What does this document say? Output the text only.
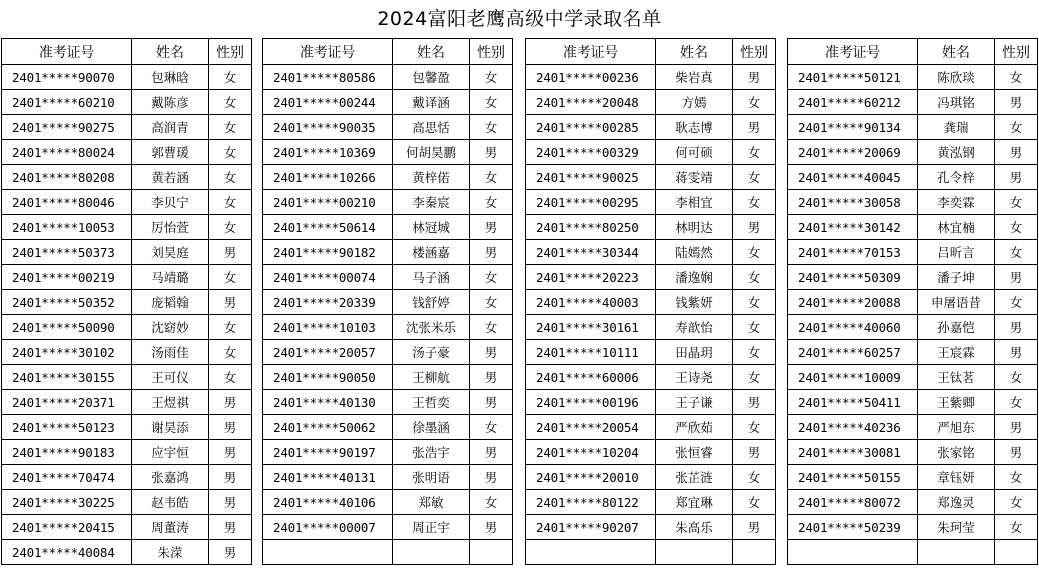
2024富阳老鹰高级中学录取名单
准考证号	姓名	性别
2401*****90070	包琳晗	女
2401*****60210	戴陈彦	女
2401*****90275	高润青	女
2401*****80024	郭曹瑗	女
2401*****80208	黄若涵	女
2401*****80046	李贝宁	女
2401*****10053	厉怡萱	女
2401*****50373	刘昊庭	男
2401*****00219	马靖璐	女
2401*****50352	庞韬翰	男
2401*****50090	沈窈妙	女
2401*****30102	汤雨佳	女
2401*****30155	王可仪	女
2401*****20371	王煜祺	男
2401*****50123	谢昊添	男
2401*****90183	应宇恒	男
2401*****70474	张嘉鸿	男
2401*****30225	赵韦皓	男
2401*****20415	周董涛	男
2401*****40084	朱溁	男
准考证号	姓名	性别
2401*****80586	包馨盈	女
2401*****00244	戴译涵	女
2401*****90035	高思恬	女
2401*****10369	何胡昊鹏	男
2401*****10266	黄梓偌	女
2401*****00210	李秦宸	女
2401*****50614	林冠城	男
2401*****90182	楼涵嘉	男
2401*****00074	马子涵	女
2401*****20339	钱舒婷	女
2401*****10103	沈张米乐	女
2401*****20057	汤子豪	男
2401*****90050	王柳航	男
2401*****40130	王哲奕	男
2401*****50062	徐墨涵	女
2401*****90197	张浩宇	男
2401*****40131	张明语	男
2401*****40106	郑敏	女
2401*****00007	周正宇	男

准考证号	姓名	性别
2401*****00236	柴岩真	男
2401*****20048	方嫣	女
2401*****00285	耿志博	男
2401*****00329	何可硕	女
2401*****90025	蒋雯靖	女
2401*****00295	李相宜	女
2401*****80250	林明达	男
2401*****30344	陆嫣然	女
2401*****20223	潘逸娴	女
2401*****40003	钱紫妍	女
2401*****30161	寿歆怡	女
2401*****10111	田晶玥	女
2401*****60006	王诗尧	女
2401*****00196	王子谦	男
2401*****20054	严欣茹	女
2401*****10204	张恒睿	男
2401*****20010	张芷涟	女
2401*****80122	郑宜琳	女
2401*****90207	朱高乐	男

准考证号	姓名	性别
2401*****50121	陈欣琰	女
2401*****60212	冯琪铭	男
2401*****90134	龚瑞	女
2401*****20069	黄泓钢	男
2401*****40045	孔令梓	男
2401*****30058	李奕霖	女
2401*****30142	林宜楠	女
2401*****70153	吕昕言	女
2401*****50309	潘子坤	男
2401*****20088	申屠语昔	女
2401*****40060	孙嘉恺	男
2401*****60257	王宸霖	男
2401*****10009	王钛茗	女
2401*****50411	王紫卿	女
2401*****40236	严旭东	男
2401*****30081	张家铭	男
2401*****50155	章钰妍	女
2401*****80072	郑逸灵	女
2401*****50239	朱珂莹	女
